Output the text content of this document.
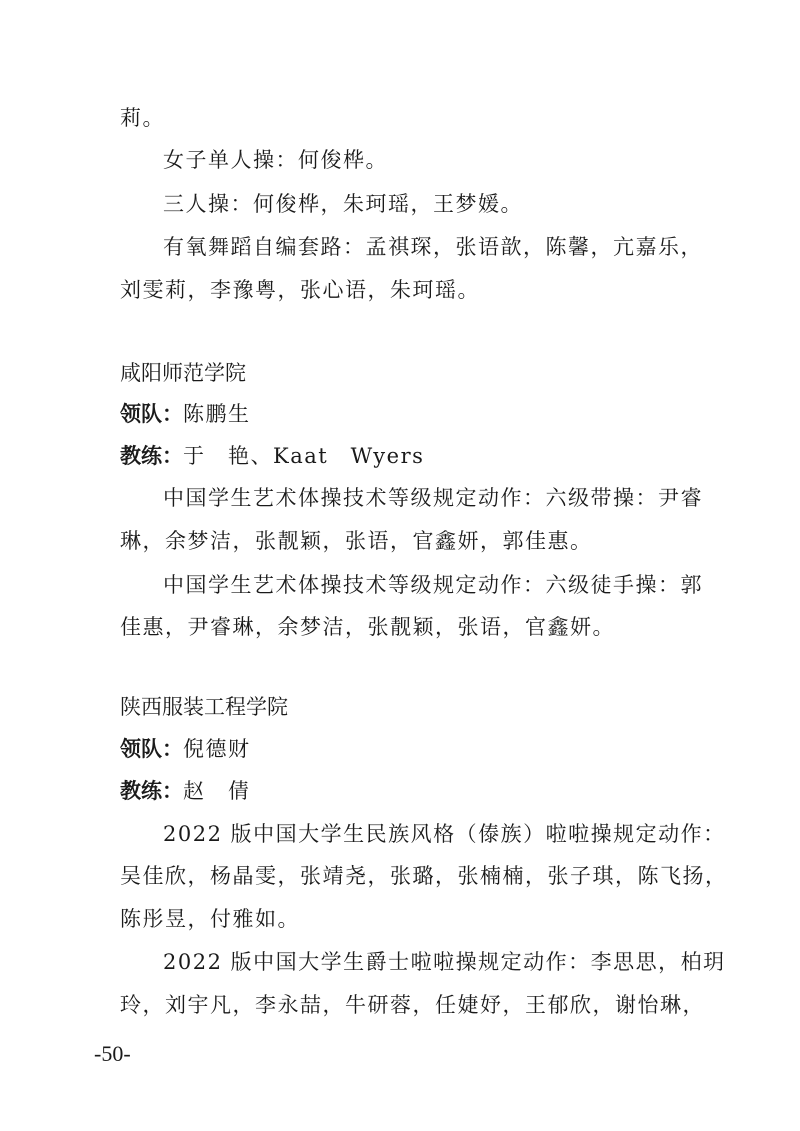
莉。
女子单人操：何俊桦。
三人操：何俊桦，朱珂瑶，王梦媛。
有氧舞蹈自编套路：孟祺琛，张语歆，陈馨，亢嘉乐，
刘雯莉，李豫粤，张心语，朱珂瑶。
咸阳师范学院
领队：陈鹏生
教练：于　艳、Kaat　Wyers
中国学生艺术体操技术等级规定动作：六级带操：尹睿
琳，余梦洁，张靓颖，张语，官鑫妍，郭佳惠。
中国学生艺术体操技术等级规定动作：六级徒手操：郭
佳惠，尹睿琳，余梦洁，张靓颖，张语，官鑫妍。
陕西服装工程学院
领队：倪德财
教练：赵　倩
2022 版中国大学生民族风格（傣族）啦啦操规定动作：
吴佳欣，杨晶雯，张靖尧，张璐，张楠楠，张子琪，陈飞扬，
陈彤昱，付雅如。
2022 版中国大学生爵士啦啦操规定动作：李思思，柏玥
玲，刘宇凡，李永喆，牛研蓉，任婕妤，王郁欣，谢怡琳，
-50-
